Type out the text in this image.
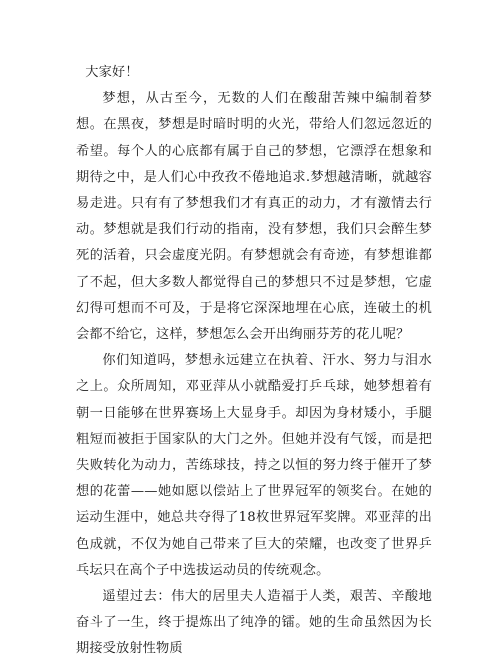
大家好！

梦想，从古至今，无数的人们在酸甜苦辣中编制着梦想。在黑夜，梦想是时暗时明的火光，带给人们忽远忽近的希望。每个人的心底都有属于自己的梦想，它漂浮在想象和期待之中，是人们心中孜孜不倦地追求.梦想越清晰，就越容易走进。只有有了梦想我们才有真正的动力，才有激情去行动。梦想就是我们行动的指南，没有梦想，我们只会醉生梦死的活着，只会虚度光阴。有梦想就会有奇迹，有梦想谁都了不起，但大多数人都觉得自己的梦想只不过是梦想，它虚幻得可想而不可及，于是将它深深地埋在心底，连破土的机会都不给它，这样，梦想怎么会开出绚丽芬芳的花儿呢？

你们知道吗，梦想永远建立在执着、汗水、努力与泪水之上。众所周知，邓亚萍从小就酷爱打乒乓球，她梦想着有朝一日能够在世界赛场上大显身手。却因为身材矮小，手腿粗短而被拒于国家队的大门之外。但她并没有气馁，而是把失败转化为动力，苦练球技，持之以恒的努力终于催开了梦想的花蕾——她如愿以偿站上了世界冠军的领奖台。在她的运动生涯中，她总共夺得了18枚世界冠军奖牌。邓亚萍的出色成就，不仅为她自己带来了巨大的荣耀，也改变了世界乒乓坛只在高个子中选拔运动员的传统观念。

遥望过去：伟大的居里夫人造福于人类，艰苦、辛酸地奋斗了一生，终于提炼出了纯净的镭。她的生命虽然因为长期接受放射性物质
